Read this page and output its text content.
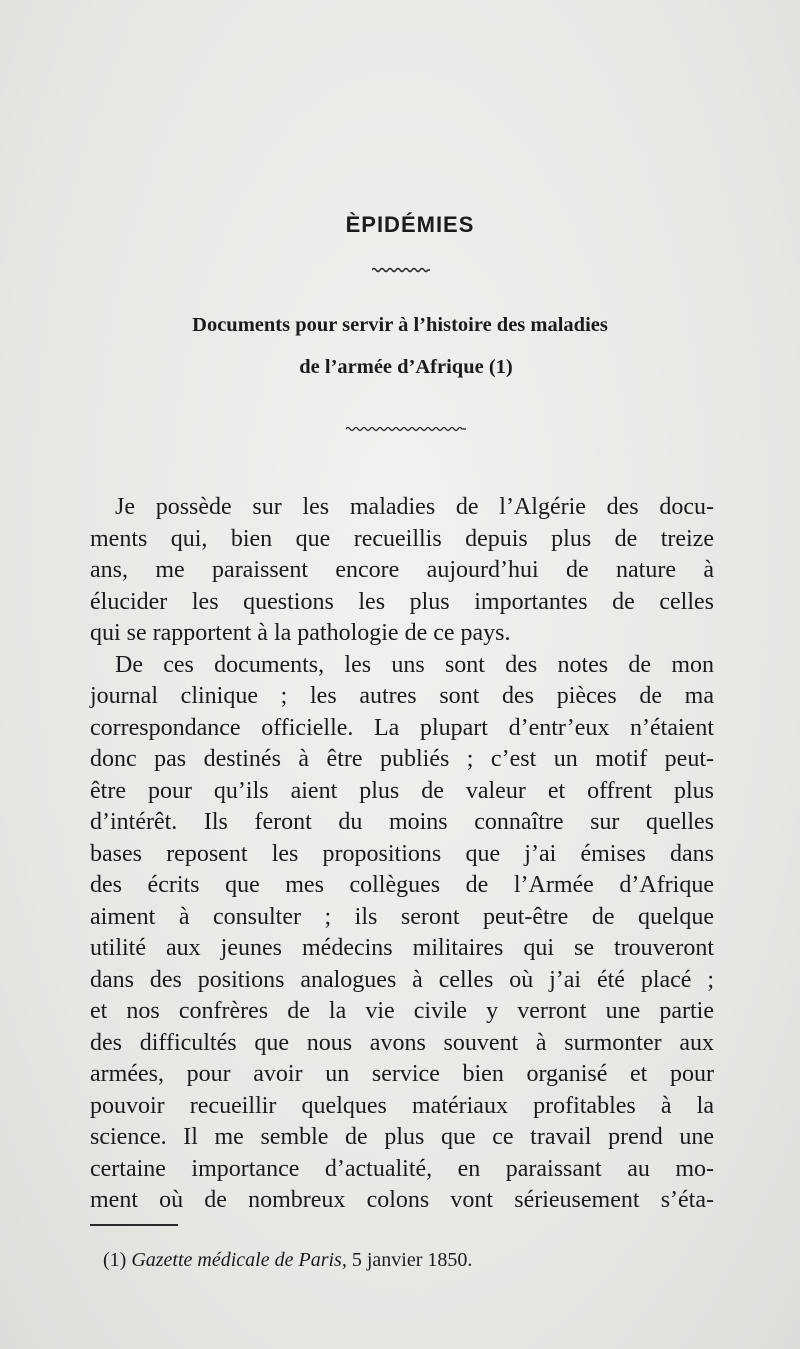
ÈPIDÉMIES
Documents pour servir à l’histoire des maladies
de l’armée d’Afrique (1)
Je possède sur les maladies de l’Algérie des docu-
ments qui, bien que recueillis depuis plus de treize
ans, me paraissent encore aujourd’hui de nature à
élucider les questions les plus importantes de celles
qui se rapportent à la pathologie de ce pays.
De ces documents, les uns sont des notes de mon
journal clinique ; les autres sont des pièces de ma
correspondance officielle. La plupart d’entr’eux n’étaient
donc pas destinés à être publiés ; c’est un motif peut-
être pour qu’ils aient plus de valeur et offrent plus
d’intérêt. Ils feront du moins connaître sur quelles
bases reposent les propositions que j’ai émises dans
des écrits que mes collègues de l’Armée d’Afrique
aiment à consulter ; ils seront peut-être de quelque
utilité aux jeunes médecins militaires qui se trouveront
dans des positions analogues à celles où j’ai été placé ;
et nos confrères de la vie civile y verront une partie
des difficultés que nous avons souvent à surmonter aux
armées, pour avoir un service bien organisé et pour
pouvoir recueillir quelques matériaux profitables à la
science. Il me semble de plus que ce travail prend une
certaine importance d’actualité, en paraissant au mo-
ment où de nombreux colons vont sérieusement s’éta-
(1) Gazette médicale de Paris, 5 janvier 1850.
